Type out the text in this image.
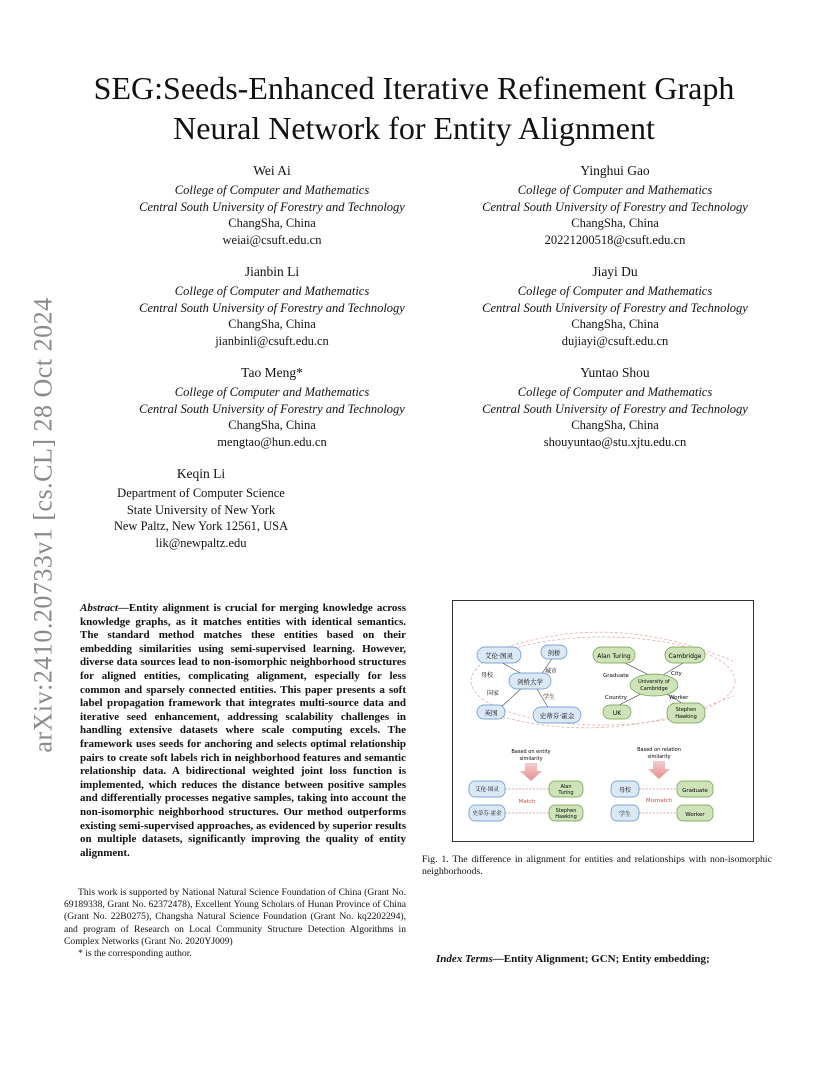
arXiv:2410.20733v1 [cs.CL] 28 Oct 2024
SEG:Seeds-Enhanced Iterative Refinement Graph Neural Network for Entity Alignment
Wei Ai
College of Computer and Mathematics
Central South University of Forestry and Technology
ChangSha, China
weiai@csuft.edu.cn
Yinghui Gao
College of Computer and Mathematics
Central South University of Forestry and Technology
ChangSha, China
20221200518@csuft.edu.cn
Jianbin Li
College of Computer and Mathematics
Central South University of Forestry and Technology
ChangSha, China
jianbinli@csuft.edu.cn
Jiayi Du
College of Computer and Mathematics
Central South University of Forestry and Technology
ChangSha, China
dujiayi@csuft.edu.cn
Tao Meng*
College of Computer and Mathematics
Central South University of Forestry and Technology
ChangSha, China
mengtao@hun.edu.cn
Yuntao Shou
College of Computer and Mathematics
Central South University of Forestry and Technology
ChangSha, China
shouyuntao@stu.xjtu.edu.cn
Keqin Li
Department of Computer Science
State University of New York
New Paltz, New York 12561, USA
lik@newpaltz.edu
Abstract—Entity alignment is crucial for merging knowledge across knowledge graphs, as it matches entities with identical semantics. The standard method matches these entities based on their embedding similarities using semi-supervised learning. However, diverse data sources lead to non-isomorphic neighborhood structures for aligned entities, complicating alignment, especially for less common and sparsely connected entities. This paper presents a soft label propagation framework that integrates multi-source data and iterative seed enhancement, addressing scalability challenges in handling extensive datasets where scale computing excels. The framework uses seeds for anchoring and selects optimal relationship pairs to create soft labels rich in neighborhood features and semantic relationship data. A bidirectional weighted joint loss function is implemented, which reduces the distance between positive samples and differentially processes negative samples, taking into account the non-isomorphic neighborhood structures. Our method outperforms existing semi-supervised approaches, as evidenced by superior results on multiple datasets, significantly improving the quality of entity alignment.

This work is supported by National Natural Science Foundation of China (Grant No. 69189338, Grant No. 62372478), Excellent Young Scholars of Hunan Province of China (Grant No. 22B0275), Changsha Natural Science Foundation (Grant No. kq2202294), and program of Research on Local Community Structure Detection Algorithms in Complex Networks (Grant No. 2020YJ009)

* is the corresponding author.

艾伦·图灵	剑桥
剑桥大学
英国	史蒂芬·霍金
母校
城市
国家
学生
Alan Turing	Cambridge
University of
Cambridge
UK	Stephen
Hawking
Graduate	City
Country	Worker
Based on entity
similarity
Based on relation
similarity
艾伦·图灵
史蒂芬·霍金
Alan
Turing
Stephen
Hawking
Match
母校
学生
Graduate
Worker
Mismatch
Fig. 1. The difference in alignment for entities and relationships with non-isomorphic neighborhoods.
Index Terms—Entity Alignment; GCN; Entity embedding;
